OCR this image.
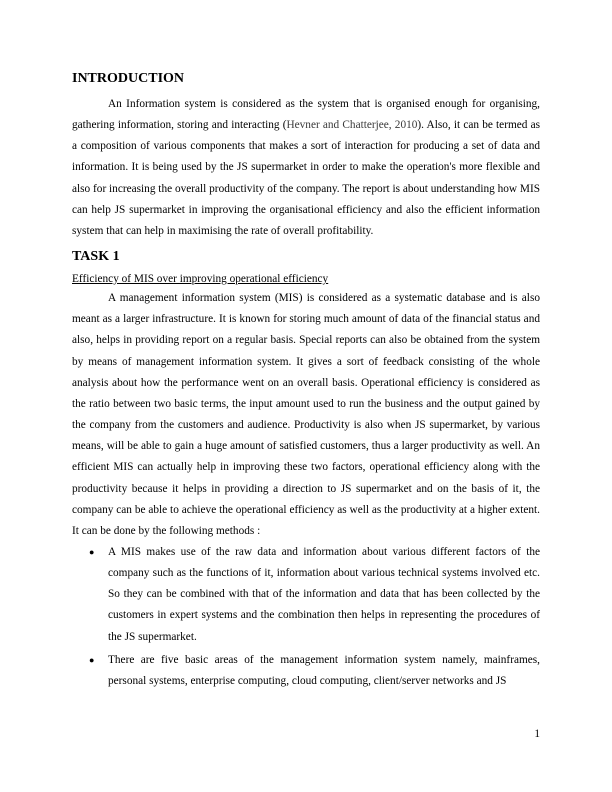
INTRODUCTION

An Information system is considered as the system that is organised enough for organising, gathering information, storing and interacting (Hevner and Chatterjee, 2010). Also, it can be termed as a composition of various components that makes a sort of interaction for producing a set of data and information. It is being used by the JS supermarket in order to make the operation's more flexible and also for increasing the overall productivity of the company. The report is about understanding how MIS can help JS supermarket in improving the organisational efficiency and also the efficient information system that can help in maximising the rate of overall profitability.

TASK 1
Efficiency of MIS over improving operational efficiency

A management information system (MIS) is considered as a systematic database and is also meant as a larger infrastructure. It is known for storing much amount of data of the financial status and also, helps in providing report on a regular basis. Special reports can also be obtained from the system by means of management information system. It gives a sort of feedback consisting of the whole analysis about how the performance went on an overall basis. Operational efficiency is considered as the ratio between two basic terms, the input amount used to run the business and the output gained by the company from the customers and audience. Productivity is also when JS supermarket, by various means, will be able to gain a huge amount of satisfied customers, thus a larger productivity as well. An efficient MIS can actually help in improving these two factors, operational efficiency along with the productivity because it helps in providing a direction to JS supermarket and on the basis of it, the company can be able to achieve the operational efficiency as well as the productivity at a higher extent. It can be done by the following methods :

● A MIS makes use of the raw data and information about various different factors of the company such as the functions of it, information about various technical systems involved etc. So they can be combined with that of the information and data that has been collected by the customers in expert systems and the combination then helps in representing the procedures of the JS supermarket.
● There are five basic areas of the management information system namely, mainframes, personal systems, enterprise computing, cloud computing, client/server networks and JS
1
